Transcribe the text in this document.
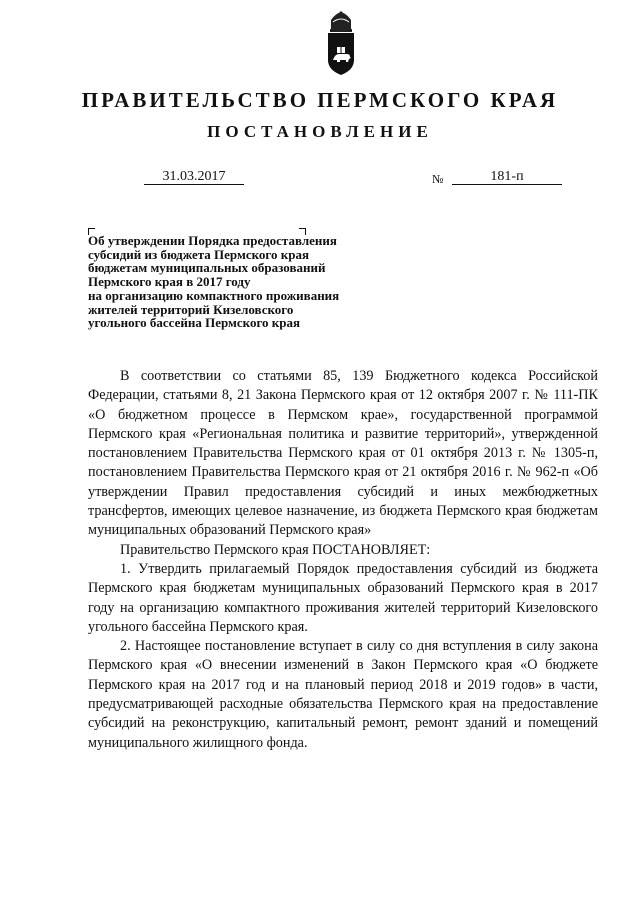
ПРАВИТЕЛЬСТВО ПЕРМСКОГО КРАЯ
ПОСТАНОВЛЕНИЕ
31.03.2017	№	181-п
Об утверждении Порядка предоставления
субсидий из бюджета Пермского края
бюджетам муниципальных образований
Пермского края в 2017 году
на организацию компактного проживания
жителей территорий Кизеловского
угольного бассейна Пермского края

В соответствии со статьями 85, 139 Бюджетного кодекса Российской Федерации, статьями 8, 21 Закона Пермского края от 12 октября 2007 г. № 111-ПК «О бюджетном процессе в Пермском крае», государственной программой Пермского края «Региональная политика и развитие территорий», утвержденной постановлением Правительства Пермского края от 01 октября 2013 г. № 1305-п, постановлением Правительства Пермского края от 21 октября 2016 г. № 962-п «Об утверждении Правил предоставления субсидий и иных межбюджетных трансфертов, имеющих целевое назначение, из бюджета Пермского края бюджетам муниципальных образований Пермского края»

Правительство Пермского края ПОСТАНОВЛЯЕТ:

1. Утвердить прилагаемый Порядок предоставления субсидий из бюджета Пермского края бюджетам муниципальных образований Пермского края в 2017 году на организацию компактного проживания жителей территорий Кизеловского угольного бассейна Пермского края.

2. Настоящее постановление вступает в силу со дня вступления в силу закона Пермского края «О внесении изменений в Закон Пермского края «О бюджете Пермского края на 2017 год и на плановый период 2018 и 2019 годов» в части, предусматривающей расходные обязательства Пермского края на предоставление субсидий на реконструкцию, капитальный ремонт, ремонт зданий и помещений муниципального жилищного фонда.
